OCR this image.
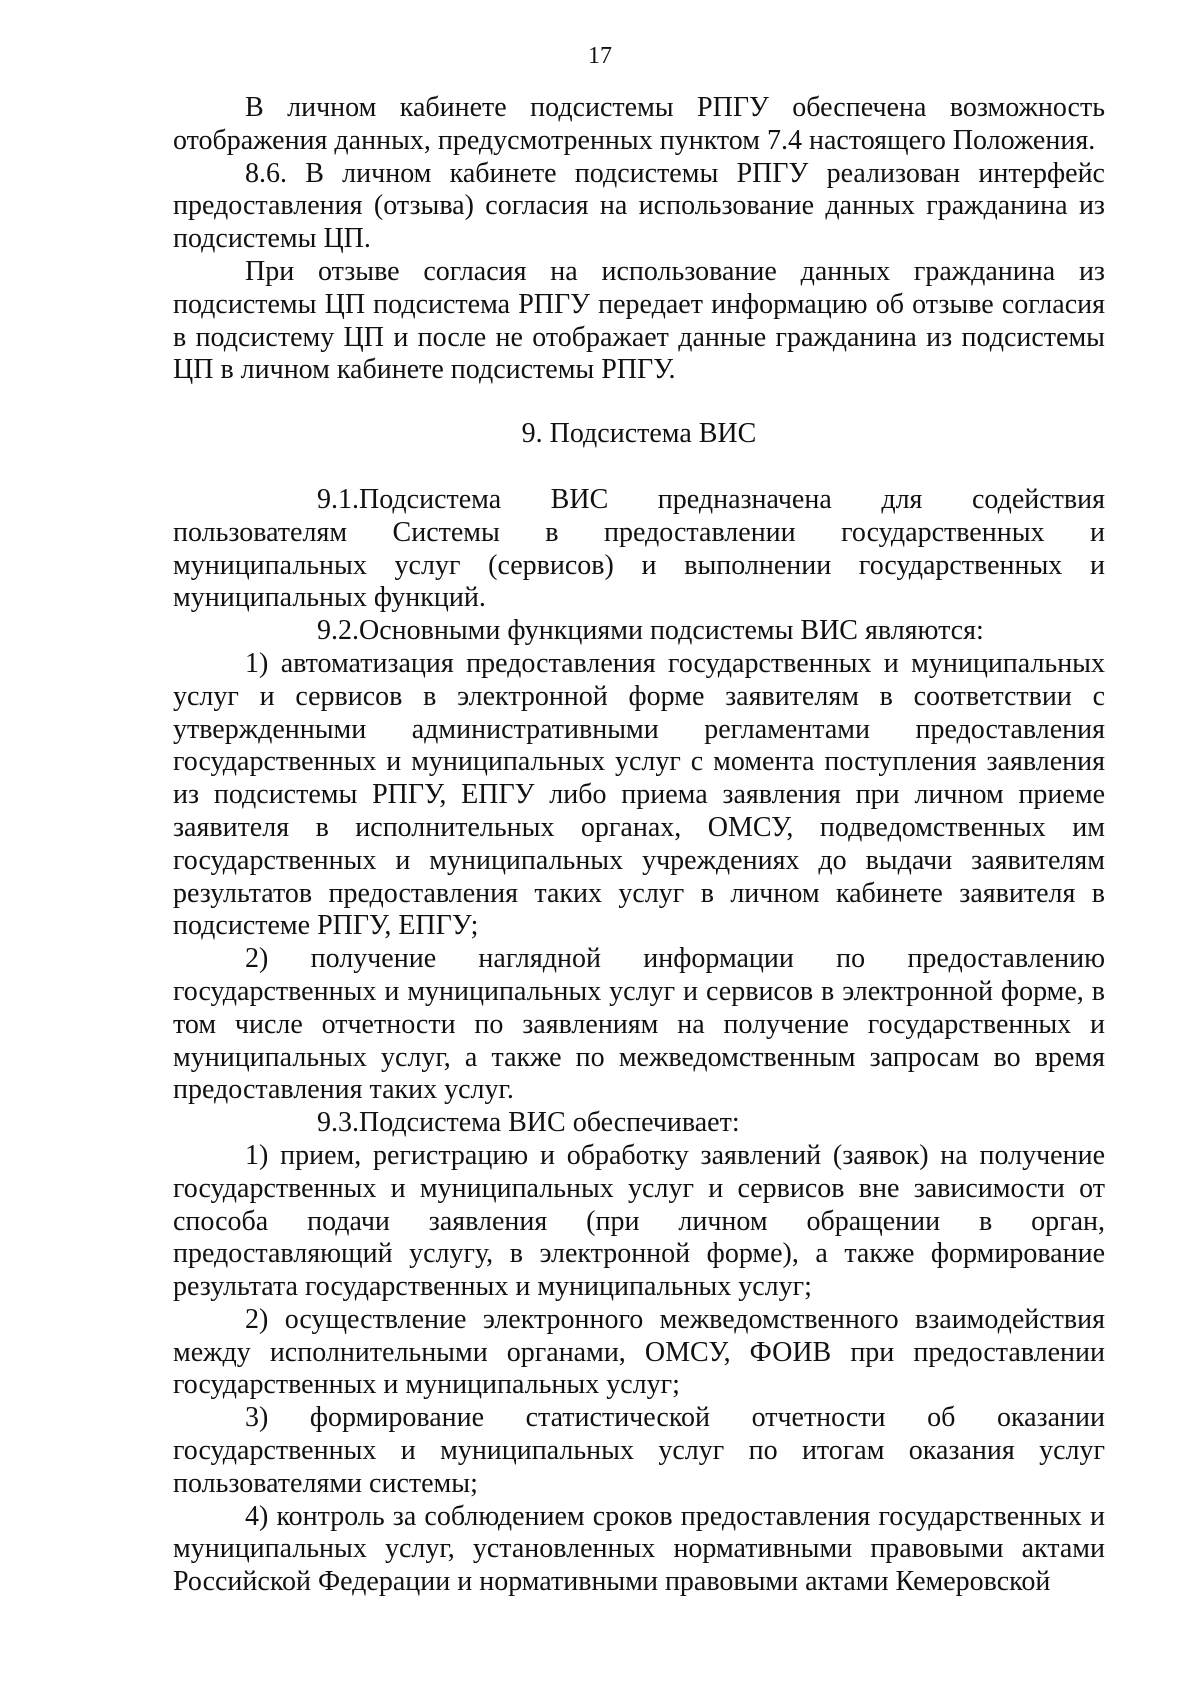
17

В личном кабинете подсистемы РПГУ обеспечена возможность отображения данных, предусмотренных пунктом 7.4 настоящего Положения.

8.6. В личном кабинете подсистемы РПГУ реализован интерфейс предоставления (отзыва) согласия на использование данных гражданина из подсистемы ЦП.

При отзыве согласия на использование данных гражданина из подсистемы ЦП подсистема РПГУ передает информацию об отзыве согласия в подсистему ЦП и после не отображает данные гражданина из подсистемы ЦП в личном кабинете подсистемы РПГУ.

9. Подсистема ВИС

9.1.Подсистема ВИС предназначена для содействия пользователям Системы в предоставлении государственных и муниципальных услуг (сервисов) и выполнении государственных и муниципальных функций.

9.2.Основными функциями подсистемы ВИС являются:

1) автоматизация предоставления государственных и муниципальных услуг и сервисов в электронной форме заявителям в соответствии с утвержденными административными регламентами предоставления государственных и муниципальных услуг с момента поступления заявления из подсистемы РПГУ, ЕПГУ либо приема заявления при личном приеме заявителя в исполнительных органах, ОМСУ, подведомственных им государственных и муниципальных учреждениях до выдачи заявителям результатов предоставления таких услуг в личном кабинете заявителя в подсистеме РПГУ, ЕПГУ;

2) получение наглядной информации по предоставлению государственных и муниципальных услуг и сервисов в электронной форме, в том числе отчетности по заявлениям на получение государственных и муниципальных услуг, а также по межведомственным запросам во время предоставления таких услуг.

9.3.Подсистема ВИС обеспечивает:

1) прием, регистрацию и обработку заявлений (заявок) на получение государственных и муниципальных услуг и сервисов вне зависимости от способа подачи заявления (при личном обращении в орган, предоставляющий услугу, в электронной форме), а также формирование результата государственных и муниципальных услуг;

2) осуществление электронного межведомственного взаимодействия между исполнительными органами, ОМСУ, ФОИВ при предоставлении государственных и муниципальных услуг;

3) формирование статистической отчетности об оказании государственных и муниципальных услуг по итогам оказания услуг пользователями системы;

4) контроль за соблюдением сроков предоставления государственных и муниципальных услуг, установленных нормативными правовыми актами Российской Федерации и нормативными правовыми актами Кемеровской
